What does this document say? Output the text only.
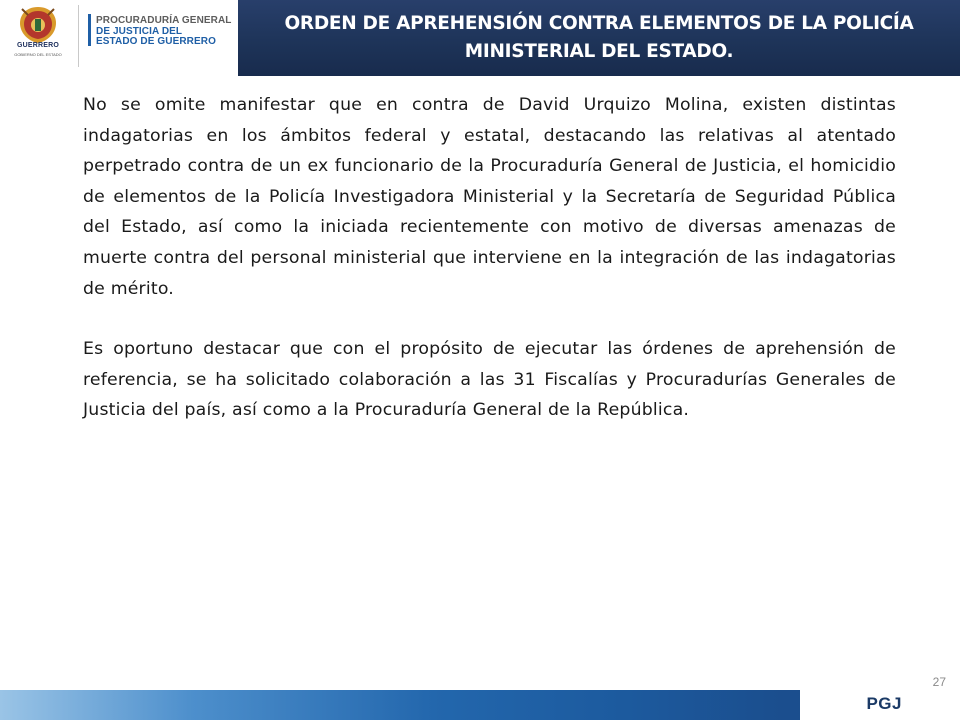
GUERRERO
GOBIERNO DEL ESTADO
PROCURADURÍA GENERAL
DE JUSTICIA DEL
ESTADO DE GUERRERO
ORDEN DE APREHENSIÓN CONTRA ELEMENTOS DE LA POLICÍA MINISTERIAL DEL ESTADO.

No se omite manifestar que en contra de David Urquizo Molina, existen distintas indagatorias en los ámbitos federal y estatal, destacando las relativas al atentado perpetrado contra de un ex funcionario de la Procuraduría General de Justicia, el homicidio de elementos de la Policía Investigadora Ministerial y la Secretaría de Seguridad Pública del Estado, así como la iniciada recientemente con motivo de diversas amenazas de muerte contra del personal ministerial que interviene en la integración de las indagatorias de mérito.

Es oportuno destacar que con el propósito de ejecutar las órdenes de aprehensión de referencia, se ha solicitado colaboración a las 31 Fiscalías y Procuradurías Generales de Justicia del país, así como a la Procuraduría General de la República.

27
PGJ
